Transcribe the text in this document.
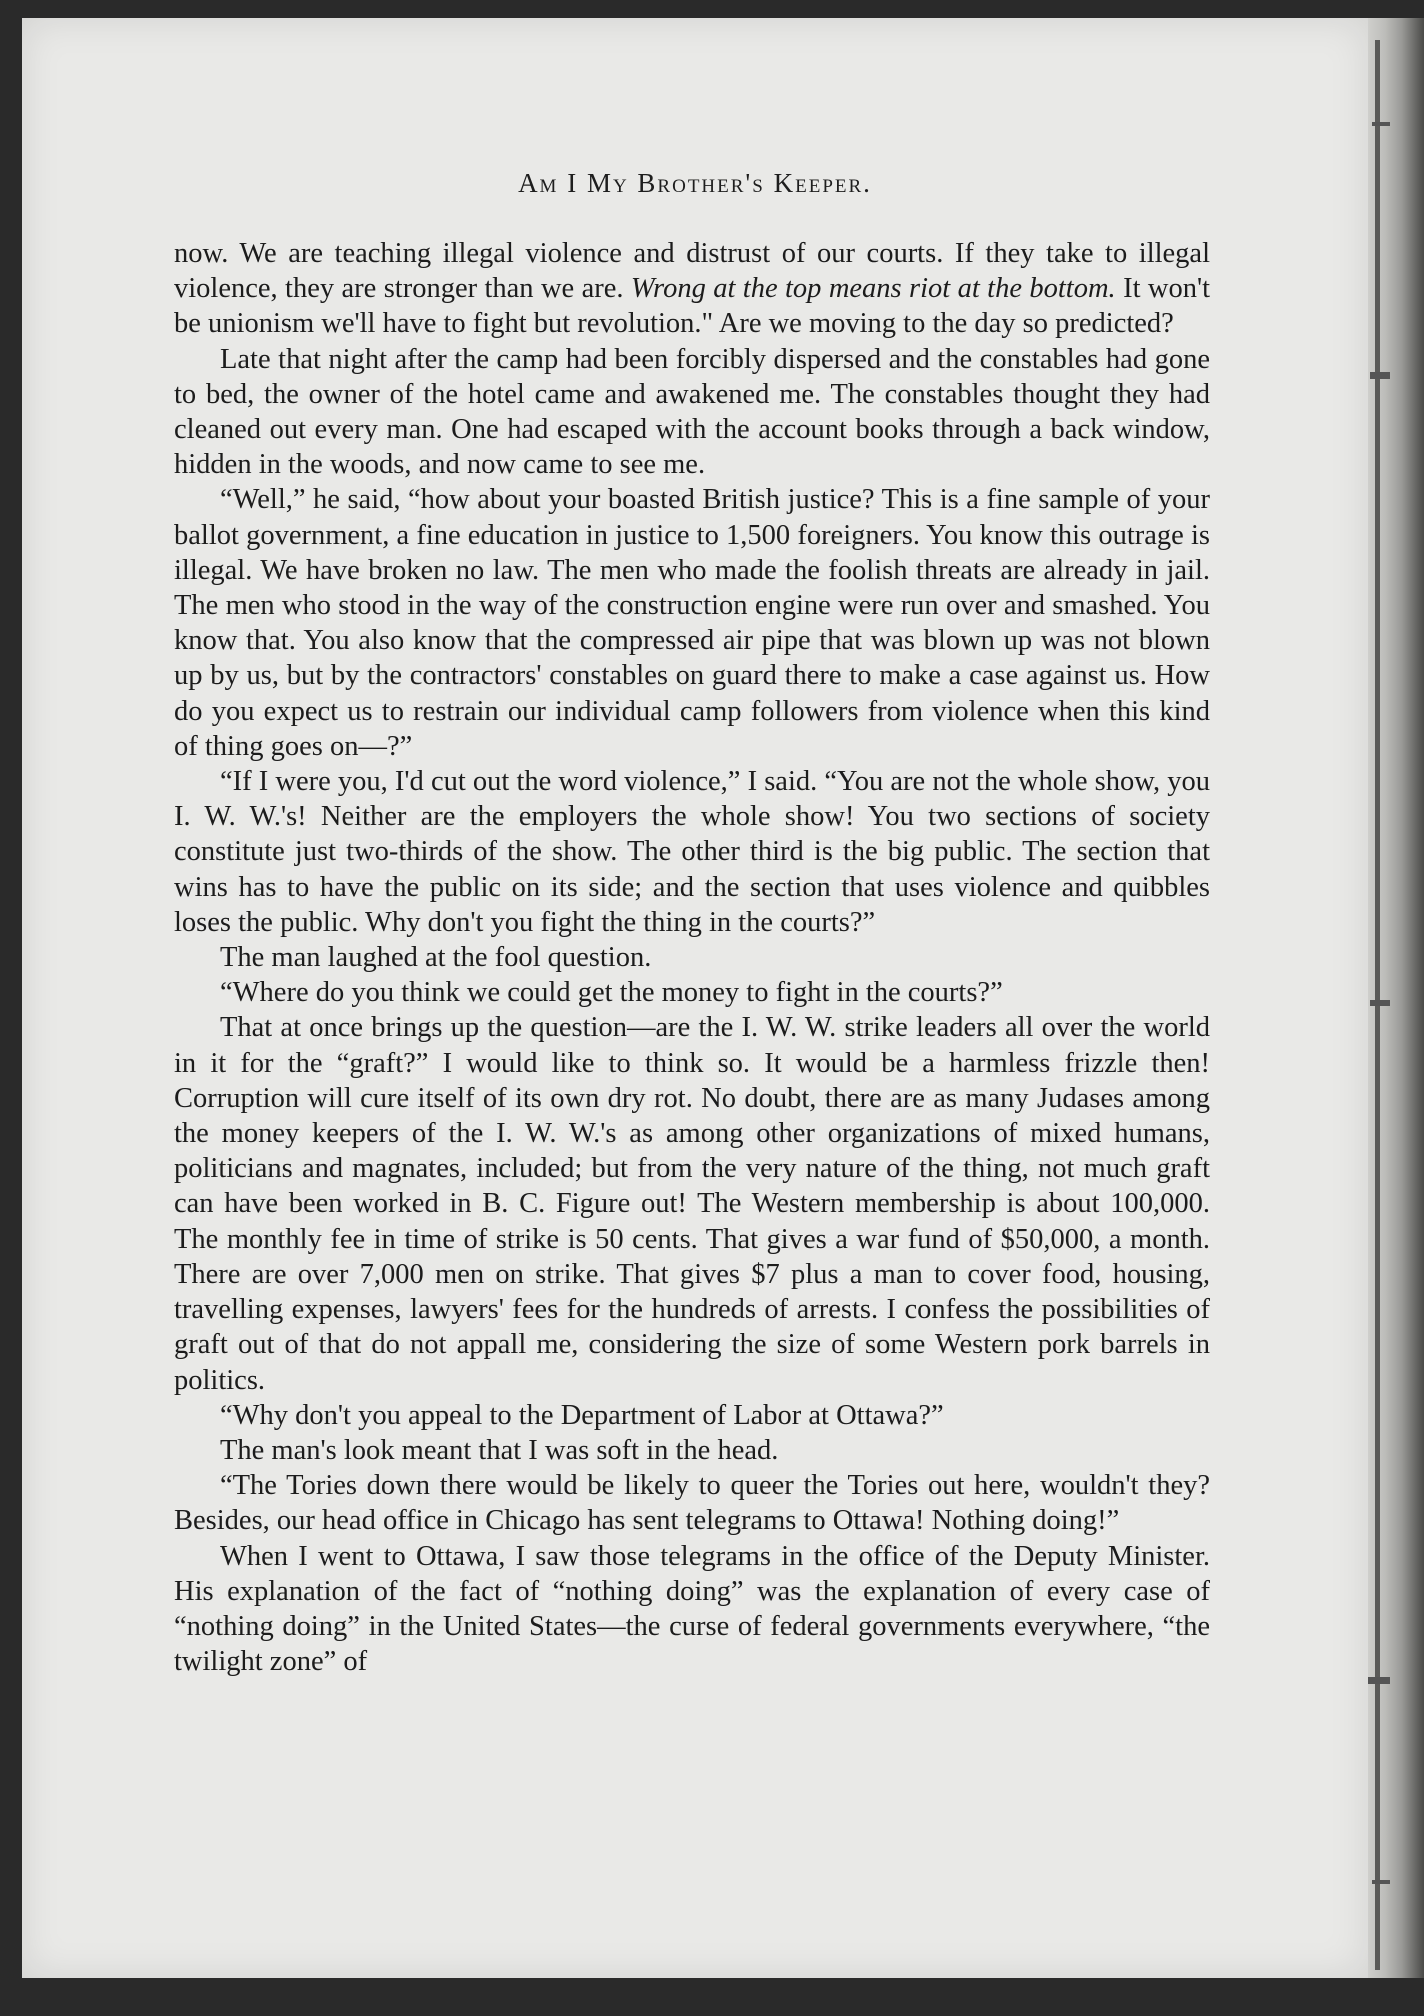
Am I My Brother's Keeper.

now. We are teaching illegal violence and distrust of our courts. If they take to illegal violence, they are stronger than we are. Wrong at the top means riot at the bottom. It won't be unionism we'll have to fight but revolution." Are we moving to the day so predicted?

Late that night after the camp had been forcibly dispersed and the constables had gone to bed, the owner of the hotel came and awakened me. The constables thought they had cleaned out every man. One had escaped with the account books through a back window, hidden in the woods, and now came to see me.

“Well,” he said, “how about your boasted British justice? This is a fine sample of your ballot government, a fine education in justice to 1,500 foreigners. You know this outrage is illegal. We have broken no law. The men who made the foolish threats are already in jail. The men who stood in the way of the construction engine were run over and smashed. You know that. You also know that the compressed air pipe that was blown up was not blown up by us, but by the contractors' constables on guard there to make a case against us. How do you expect us to restrain our individual camp followers from violence when this kind of thing goes on—?”

“If I were you, I'd cut out the word violence,” I said. “You are not the whole show, you I. W. W.'s! Neither are the employers the whole show! You two sections of society constitute just two-thirds of the show. The other third is the big public. The section that wins has to have the public on its side; and the section that uses violence and quibbles loses the public. Why don't you fight the thing in the courts?”

The man laughed at the fool question.

“Where do you think we could get the money to fight in the courts?”

That at once brings up the question—are the I. W. W. strike leaders all over the world in it for the “graft?” I would like to think so. It would be a harmless frizzle then! Corruption will cure itself of its own dry rot. No doubt, there are as many Judases among the money keepers of the I. W. W.'s as among other organizations of mixed humans, politicians and magnates, included; but from the very nature of the thing, not much graft can have been worked in B. C. Figure out! The Western membership is about 100,000. The monthly fee in time of strike is 50 cents. That gives a war fund of $50,000, a month. There are over 7,000 men on strike. That gives $7 plus a man to cover food, housing, travelling expenses, lawyers' fees for the hundreds of arrests. I confess the possibilities of graft out of that do not appall me, considering the size of some Western pork barrels in politics.

“Why don't you appeal to the Department of Labor at Ottawa?”

The man's look meant that I was soft in the head.

“The Tories down there would be likely to queer the Tories out here, wouldn't they? Besides, our head office in Chicago has sent telegrams to Ottawa! Nothing doing!”

When I went to Ottawa, I saw those telegrams in the office of the Deputy Minister. His explanation of the fact of “nothing doing” was the explanation of every case of “nothing doing” in the United States—the curse of federal governments everywhere, “the twilight zone” of
